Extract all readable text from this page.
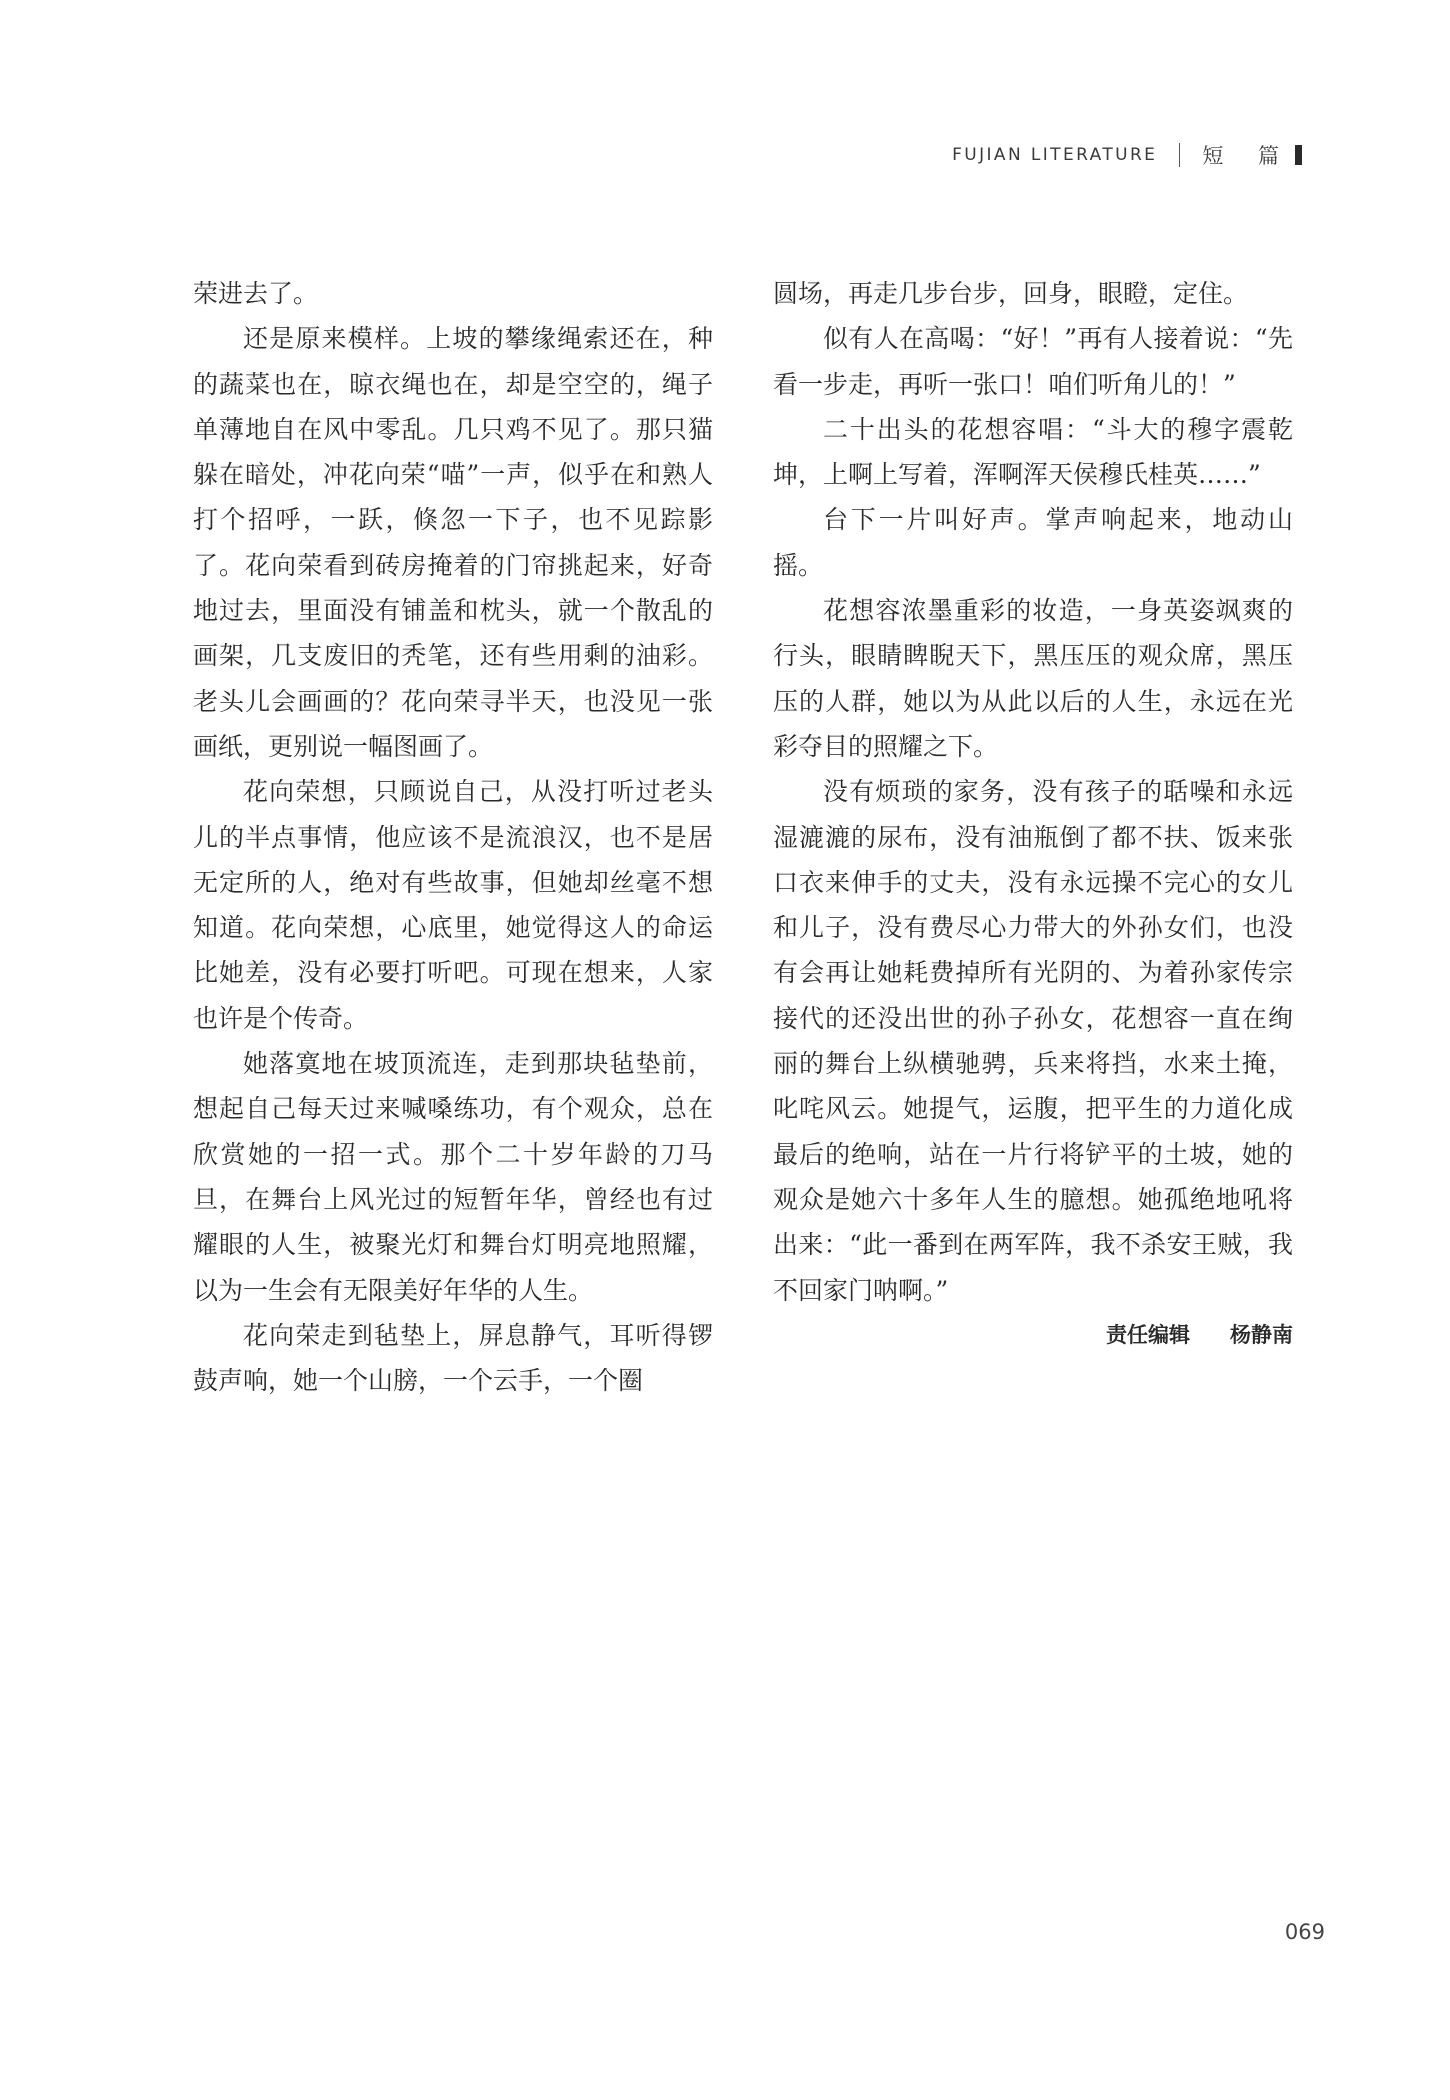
FUJIAN LITERATURE 短 篇

荣进去了。

还是原来模样。上坡的攀缘绳索还在，种的蔬菜也在，晾衣绳也在，却是空空的，绳子单薄地自在风中零乱。几只鸡不见了。那只猫躲在暗处，冲花向荣“喵”一声，似乎在和熟人打个招呼，一跃，倏忽一下子，也不见踪影了。花向荣看到砖房掩着的门帘挑起来，好奇地过去，里面没有铺盖和枕头，就一个散乱的画架，几支废旧的秃笔，还有些用剩的油彩。老头儿会画画的？花向荣寻半天，也没见一张画纸，更别说一幅图画了。

花向荣想，只顾说自己，从没打听过老头儿的半点事情，他应该不是流浪汉，也不是居无定所的人，绝对有些故事，但她却丝毫不想知道。花向荣想，心底里，她觉得这人的命运比她差，没有必要打听吧。可现在想来，人家也许是个传奇。

她落寞地在坡顶流连，走到那块毡垫前，想起自己每天过来喊嗓练功，有个观众，总在欣赏她的一招一式。那个二十岁年龄的刀马旦，在舞台上风光过的短暂年华，曾经也有过耀眼的人生，被聚光灯和舞台灯明亮地照耀，以为一生会有无限美好年华的人生。

花向荣走到毡垫上，屏息静气，耳听得锣鼓声响，她一个山膀，一个云手，一个圈

圆场，再走几步台步，回身，眼瞪，定住。

似有人在高喝：“好！”再有人接着说：“先看一步走，再听一张口！咱们听角儿的！”

二十出头的花想容唱：“斗大的穆字震乾坤，上啊上写着，浑啊浑天侯穆氏桂英……”

台下一片叫好声。掌声响起来，地动山摇。

花想容浓墨重彩的妆造，一身英姿飒爽的行头，眼睛睥睨天下，黑压压的观众席，黑压压的人群，她以为从此以后的人生，永远在光彩夺目的照耀之下。

没有烦琐的家务，没有孩子的聒噪和永远湿漉漉的尿布，没有油瓶倒了都不扶、饭来张口衣来伸手的丈夫，没有永远操不完心的女儿和儿子，没有费尽心力带大的外孙女们，也没有会再让她耗费掉所有光阴的、为着孙家传宗接代的还没出世的孙子孙女，花想容一直在绚丽的舞台上纵横驰骋，兵来将挡，水来土掩，叱咤风云。她提气，运腹，把平生的力道化成最后的绝响，站在一片行将铲平的土坡，她的观众是她六十多年人生的臆想。她孤绝地吼将出来：“此一番到在两军阵，我不杀安王贼，我不回家门呐啊。”

责任编辑 杨静南
069
